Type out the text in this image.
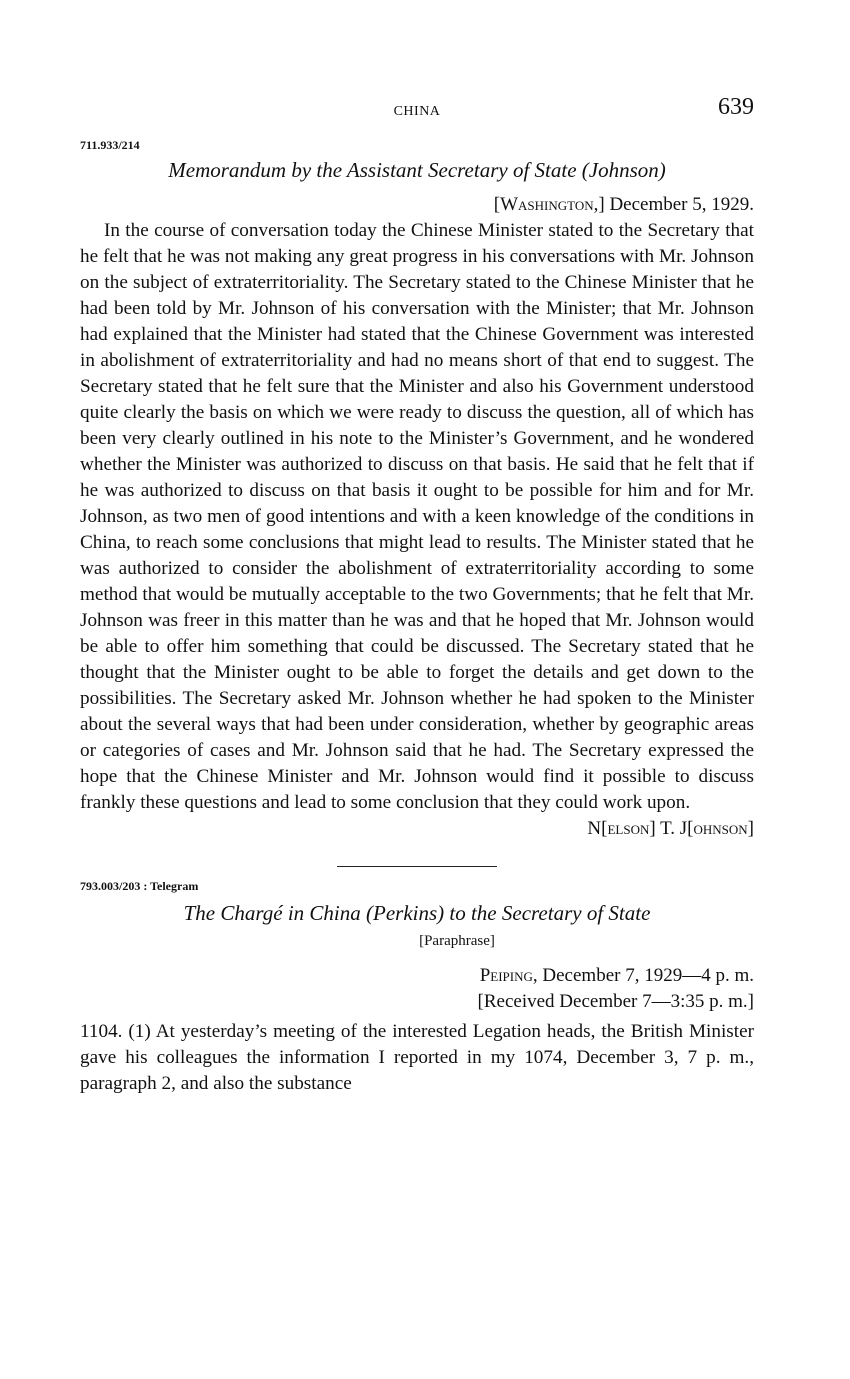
CHINA	639
711.933/214
Memorandum by the Assistant Secretary of State (Johnson)
[Washington,] December 5, 1929.

In the course of conversation today the Chinese Minister stated to the Secretary that he felt that he was not making any great progress in his conversations with Mr. Johnson on the subject of extraterritoriality. The Secretary stated to the Chinese Minister that he had been told by Mr. Johnson of his conversation with the Minister; that Mr. Johnson had explained that the Minister had stated that the Chinese Government was interested in abolishment of extraterritoriality and had no means short of that end to suggest. The Secretary stated that he felt sure that the Minister and also his Government understood quite clearly the basis on which we were ready to discuss the question, all of which has been very clearly outlined in his note to the Minister’s Government, and he wondered whether the Minister was authorized to discuss on that basis. He said that he felt that if he was authorized to discuss on that basis it ought to be possible for him and for Mr. Johnson, as two men of good intentions and with a keen knowledge of the conditions in China, to reach some conclusions that might lead to results. The Minister stated that he was authorized to consider the abolishment of extraterritoriality according to some method that would be mutually acceptable to the two Governments; that he felt that Mr. Johnson was freer in this matter than he was and that he hoped that Mr. Johnson would be able to offer him something that could be discussed. The Secretary stated that he thought that the Minister ought to be able to forget the details and get down to the possibilities. The Secretary asked Mr. Johnson whether he had spoken to the Minister about the several ways that had been under consideration, whether by geographic areas or categories of cases and Mr. Johnson said that he had. The Secretary expressed the hope that the Chinese Minister and Mr. Johnson would find it possible to discuss frankly these questions and lead to some conclusion that they could work upon.

N[elson] T. J[ohnson]
793.003/203 : Telegram
The Chargé in China (Perkins) to the Secretary of State
[Paraphrase]
Peiping, December 7, 1929—4 p. m.
[Received December 7—3:35 p. m.]

1104. (1) At yesterday’s meeting of the interested Legation heads, the British Minister gave his colleagues the information I reported in my 1074, December 3, 7 p. m., paragraph 2, and also the substance
